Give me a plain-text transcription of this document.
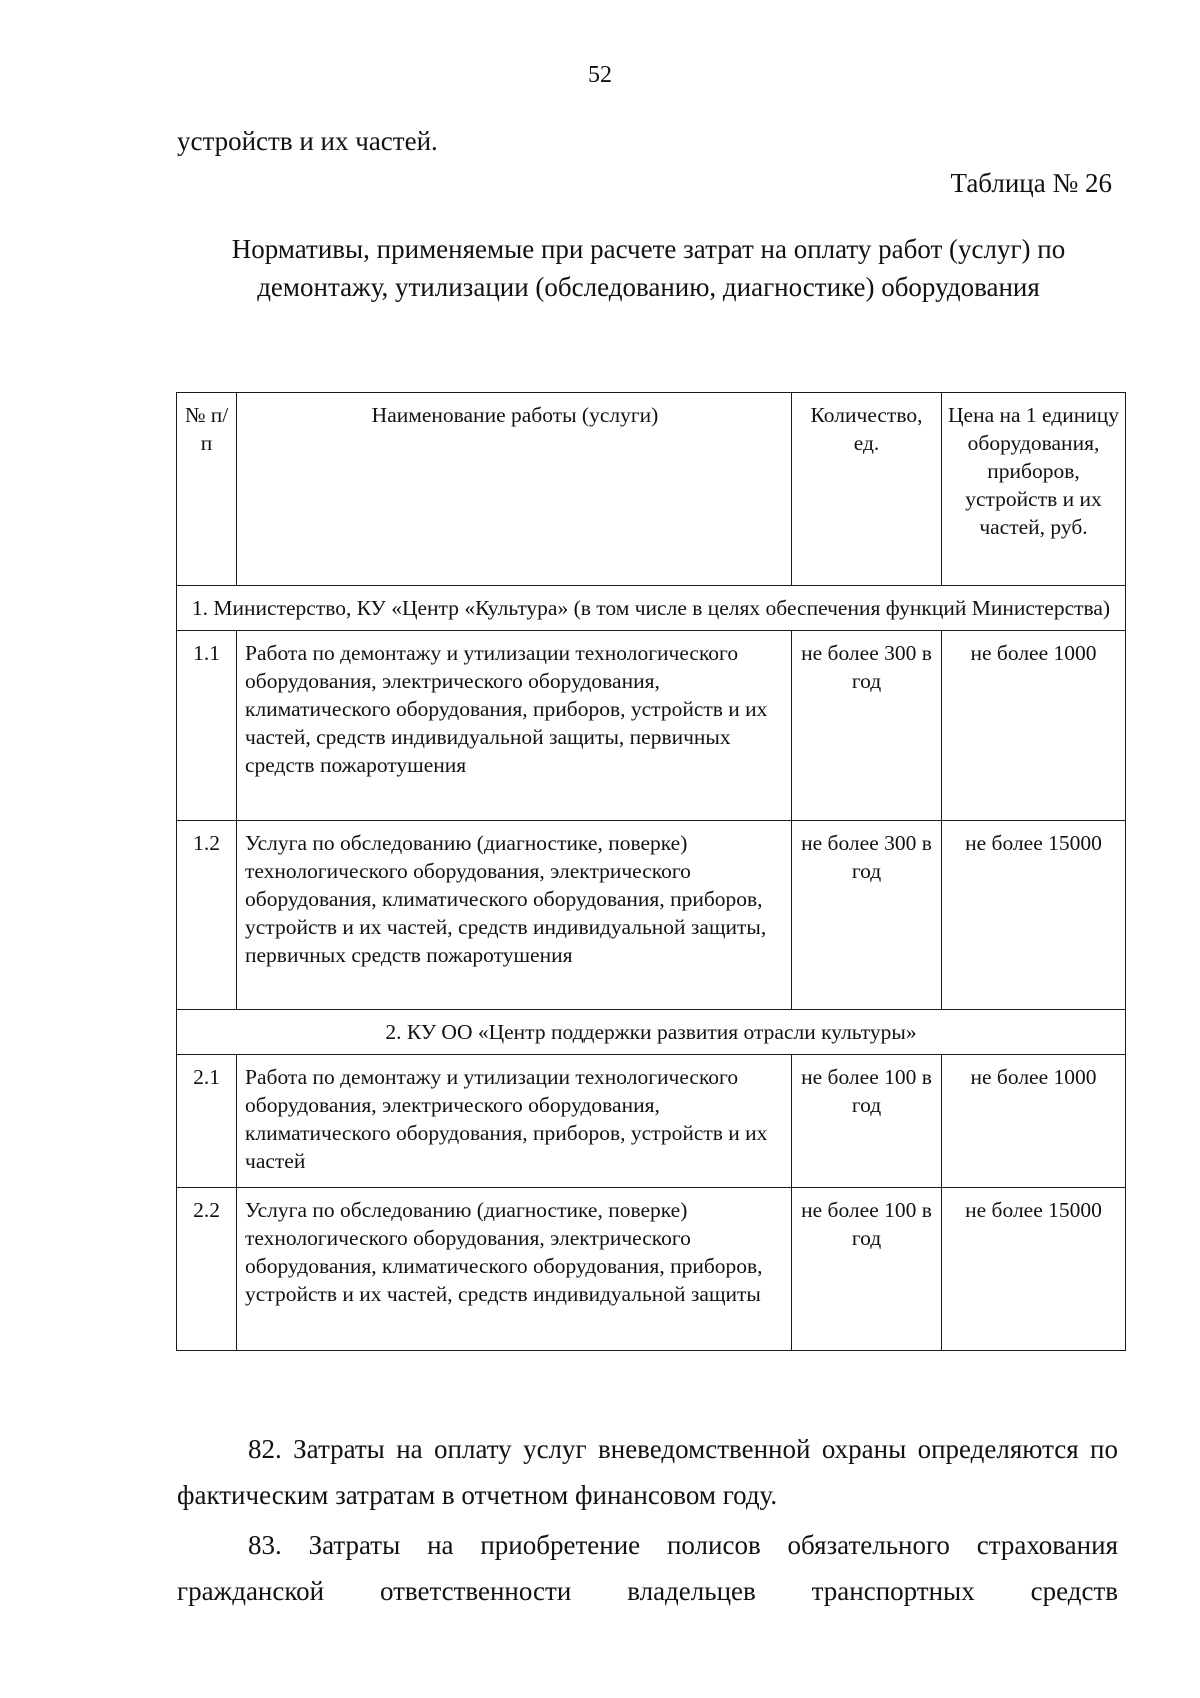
52
устройств и их частей.
Таблица № 26
Нормативы, применяемые при расчете затрат на оплату работ (услуг) по демонтажу, утилизации (обследованию, диагностике) оборудования
№ п/п	Наименование работы (услуги)	Количество, ед.	Цена на 1 единицу оборудования, приборов, устройств и их частей, руб.
1. Министерство, КУ «Центр «Культура» (в том числе в целях обеспечения функций Министерства)			
1.1	Работа по демонтажу и утилизации технологического оборудования, электрического оборудования, климатического оборудования, приборов, устройств и их частей, средств индивидуальной защиты, первичных средств пожаротушения	не более 300 в год	не более 1000
1.2	Услуга по обследованию (диагностике, поверке) технологического оборудования, электрического оборудования, климатического оборудования, приборов, устройств и их частей, средств индивидуальной защиты, первичных средств пожаротушения	не более 300 в год	не более 15000
2. КУ ОО «Центр поддержки развития отрасли культуры»			
2.1	Работа по демонтажу и утилизации технологического оборудования, электрического оборудования, климатического оборудования, приборов, устройств и их частей	не более 100 в год	не более 1000
2.2	Услуга по обследованию (диагностике, поверке) технологического оборудования, электрического оборудования, климатического оборудования, приборов, устройств и их частей, средств индивидуальной защиты	не более 100 в год	не более 15000
82. Затраты на оплату услуг вневедомственной охраны определяются по фактическим затратам в отчетном финансовом году.
83. Затраты на приобретение полисов обязательного страхования гражданской ответственности владельцев транспортных средств
